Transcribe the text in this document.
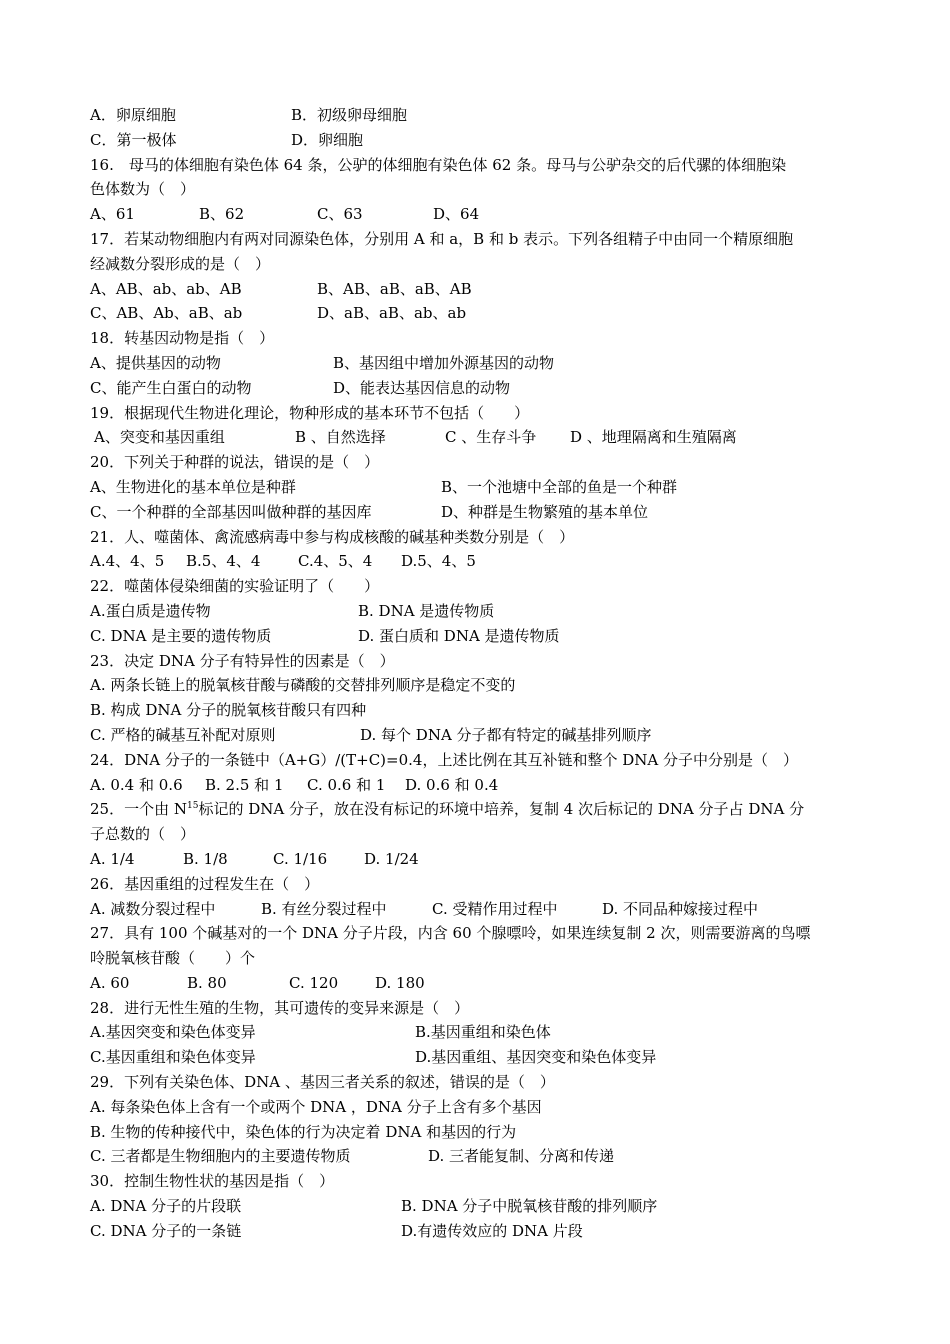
A．卵原细胞	B．初级卵母细胞
C．第一极体	D．卵细胞
16.　母马的体细胞有染色体 64 条，公驴的体细胞有染色体 62 条。母马与公驴杂交的后代骡的体细胞染
色体数为（　）
A、61	B、62	C、63	D、64
17．若某动物细胞内有两对同源染色体，分别用 A 和 a，B 和 b 表示。下列各组精子中由同一个精原细胞
经减数分裂形成的是（　）
A、AB、ab、ab、AB	B、AB、aB、aB、AB
C、AB、Ab、aB、ab	D、aB、aB、ab、ab
18．转基因动物是指（　）
A、提供基因的动物	B、基因组中增加外源基因的动物
C、能产生白蛋白的动物	D、能表达基因信息的动物
19．根据现代生物进化理论，物种形成的基本环节不包括（　　）
A、突变和基因重组	B 、自然选择	C 、生存斗争 D 、地理隔离和生殖隔离
20．下列关于种群的说法，错误的是（　）
A、生物进化的基本单位是种群	B、一个池塘中全部的鱼是一个种群
C、一个种群的全部基因叫做种群的基因库	D、种群是生物繁殖的基本单位
21．人、噬菌体、禽流感病毒中参与构成核酸的碱基种类数分别是（　）
A.4、4、5 B.5、4、4	C.4、5、4 D.5、4、5
22．噬菌体侵染细菌的实验证明了（　　）
A.蛋白质是遗传物	B. DNA 是遗传物质
C. DNA 是主要的遗传物质	D. 蛋白质和 DNA 是遗传物质
23．决定 DNA 分子有特异性的因素是（　）
A. 两条长链上的脱氧核苷酸与磷酸的交替排列顺序是稳定不变的
B. 构成 DNA 分子的脱氧核苷酸只有四种
C. 严格的碱基互补配对原则	D. 每个 DNA 分子都有特定的碱基排列顺序
24．DNA 分子的一条链中（A+G）/(T+C)=0.4，上述比例在其互补链和整个 DNA 分子中分别是（　）
A. 0.4 和 0.6 B. 2.5 和 1 C. 0.6 和 1 D. 0.6 和 0.4
25．一个由 $N^{15}$标记的 DNA 分子，放在没有标记的环境中培养，复制 4 次后标记的 DNA 分子占 DNA 分
子总数的（　）
A. 1/4	B. 1/8	C. 1/16 D. 1/24
26．基因重组的过程发生在（　）
A. 减数分裂过程中	B. 有丝分裂过程中	C. 受精作用过程中	D. 不同品种嫁接过程中
27．具有 100 个碱基对的一个 DNA 分子片段，内含 60 个腺嘌呤，如果连续复制 2 次，则需要游离的鸟嘌
呤脱氧核苷酸（　　）个
A. 60	B. 80	C. 120 D. 180
28．进行无性生殖的生物，其可遗传的变异来源是（　）
A.基因突变和染色体变异	B.基因重组和染色体
C.基因重组和染色体变异	D.基因重组、基因突变和染色体变异
29．下列有关染色体、DNA 、基因三者关系的叙述，错误的是（　）
A. 每条染色体上含有一个或两个 DNA ，DNA 分子上含有多个基因
B. 生物的传种接代中，染色体的行为决定着 DNA 和基因的行为
C. 三者都是生物细胞内的主要遗传物质	D. 三者能复制、分离和传递
30．控制生物性状的基因是指（　）
A. DNA 分子的片段联	B. DNA 分子中脱氧核苷酸的排列顺序
C. DNA 分子的一条链	D.有遗传效应的 DNA 片段
